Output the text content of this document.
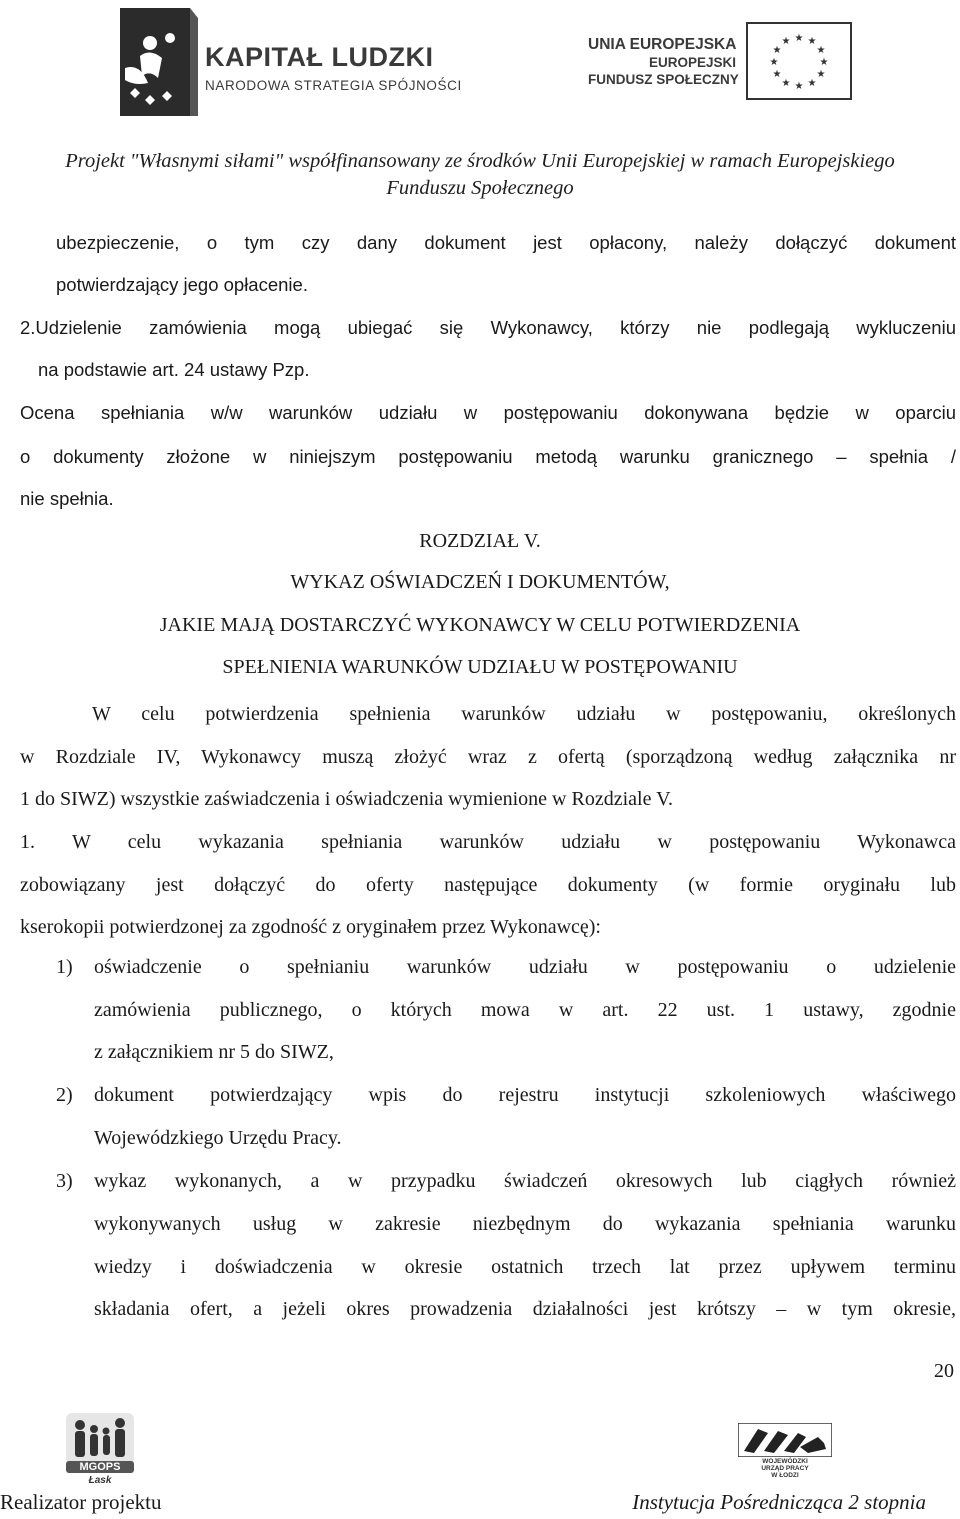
KAPITAŁ LUDZKI
NARODOWA STRATEGIA SPÓJNOŚCI
UNIA EUROPEJSKA
EUROPEJSKI
FUNDUSZ SPOŁECZNY
★ ★
★
★
★
★
★
★
★
★
★
★
Projekt "Własnymi siłami" współfinansowany ze środków Unii Europejskiej w ramach Europejskiego
Funduszu Społecznego
ubezpieczenie, o tym czy dany dokument jest opłacony, należy dołączyć dokument
potwierdzający jego opłacenie.
2.Udzielenie zamówienia mogą ubiegać się Wykonawcy, którzy nie podlegają wykluczeniu
na podstawie art. 24 ustawy Pzp.
Ocena spełniania w/w warunków udziału w postępowaniu dokonywana będzie w oparciu
o dokumenty złożone w niniejszym postępowaniu metodą warunku granicznego – spełnia /
nie spełnia.
ROZDZIAŁ V.
WYKAZ OŚWIADCZEŃ I DOKUMENTÓW,
JAKIE MAJĄ DOSTARCZYĆ WYKONAWCY W CELU POTWIERDZENIA
SPEŁNIENIA WARUNKÓW UDZIAŁU W POSTĘPOWANIU
W celu potwierdzenia spełnienia warunków udziału w postępowaniu, określonych
w Rozdziale IV, Wykonawcy muszą złożyć wraz z ofertą (sporządzoną według załącznika nr
1 do SIWZ) wszystkie zaświadczenia i oświadczenia wymienione w Rozdziale V.
1. W celu wykazania spełniania warunków udziału w postępowaniu Wykonawca
zobowiązany jest dołączyć do oferty następujące dokumenty (w formie oryginału lub
kserokopii potwierdzonej za zgodność z oryginałem przez Wykonawcę):
1) oświadczenie o spełnianiu warunków udziału w postępowaniu o udzielenie
zamówienia publicznego, o których mowa w art. 22 ust. 1 ustawy, zgodnie
z załącznikiem nr 5 do SIWZ,
2) dokument potwierdzający wpis do rejestru instytucji szkoleniowych właściwego
Wojewódzkiego Urzędu Pracy.
3) wykaz wykonanych, a w przypadku świadczeń okresowych lub ciągłych również
wykonywanych usług w zakresie niezbędnym do wykazania spełniania warunku
wiedzy i doświadczenia w okresie ostatnich trzech lat przez upływem terminu
składania ofert, a jeżeli okres prowadzenia działalności jest krótszy – w tym okresie,
20
MGOPS
Łask
WOJEWÓDZKI
URZĄD PRACY
W ŁODZI
Realizator projektu	Instytucja Pośrednicząca 2 stopnia
